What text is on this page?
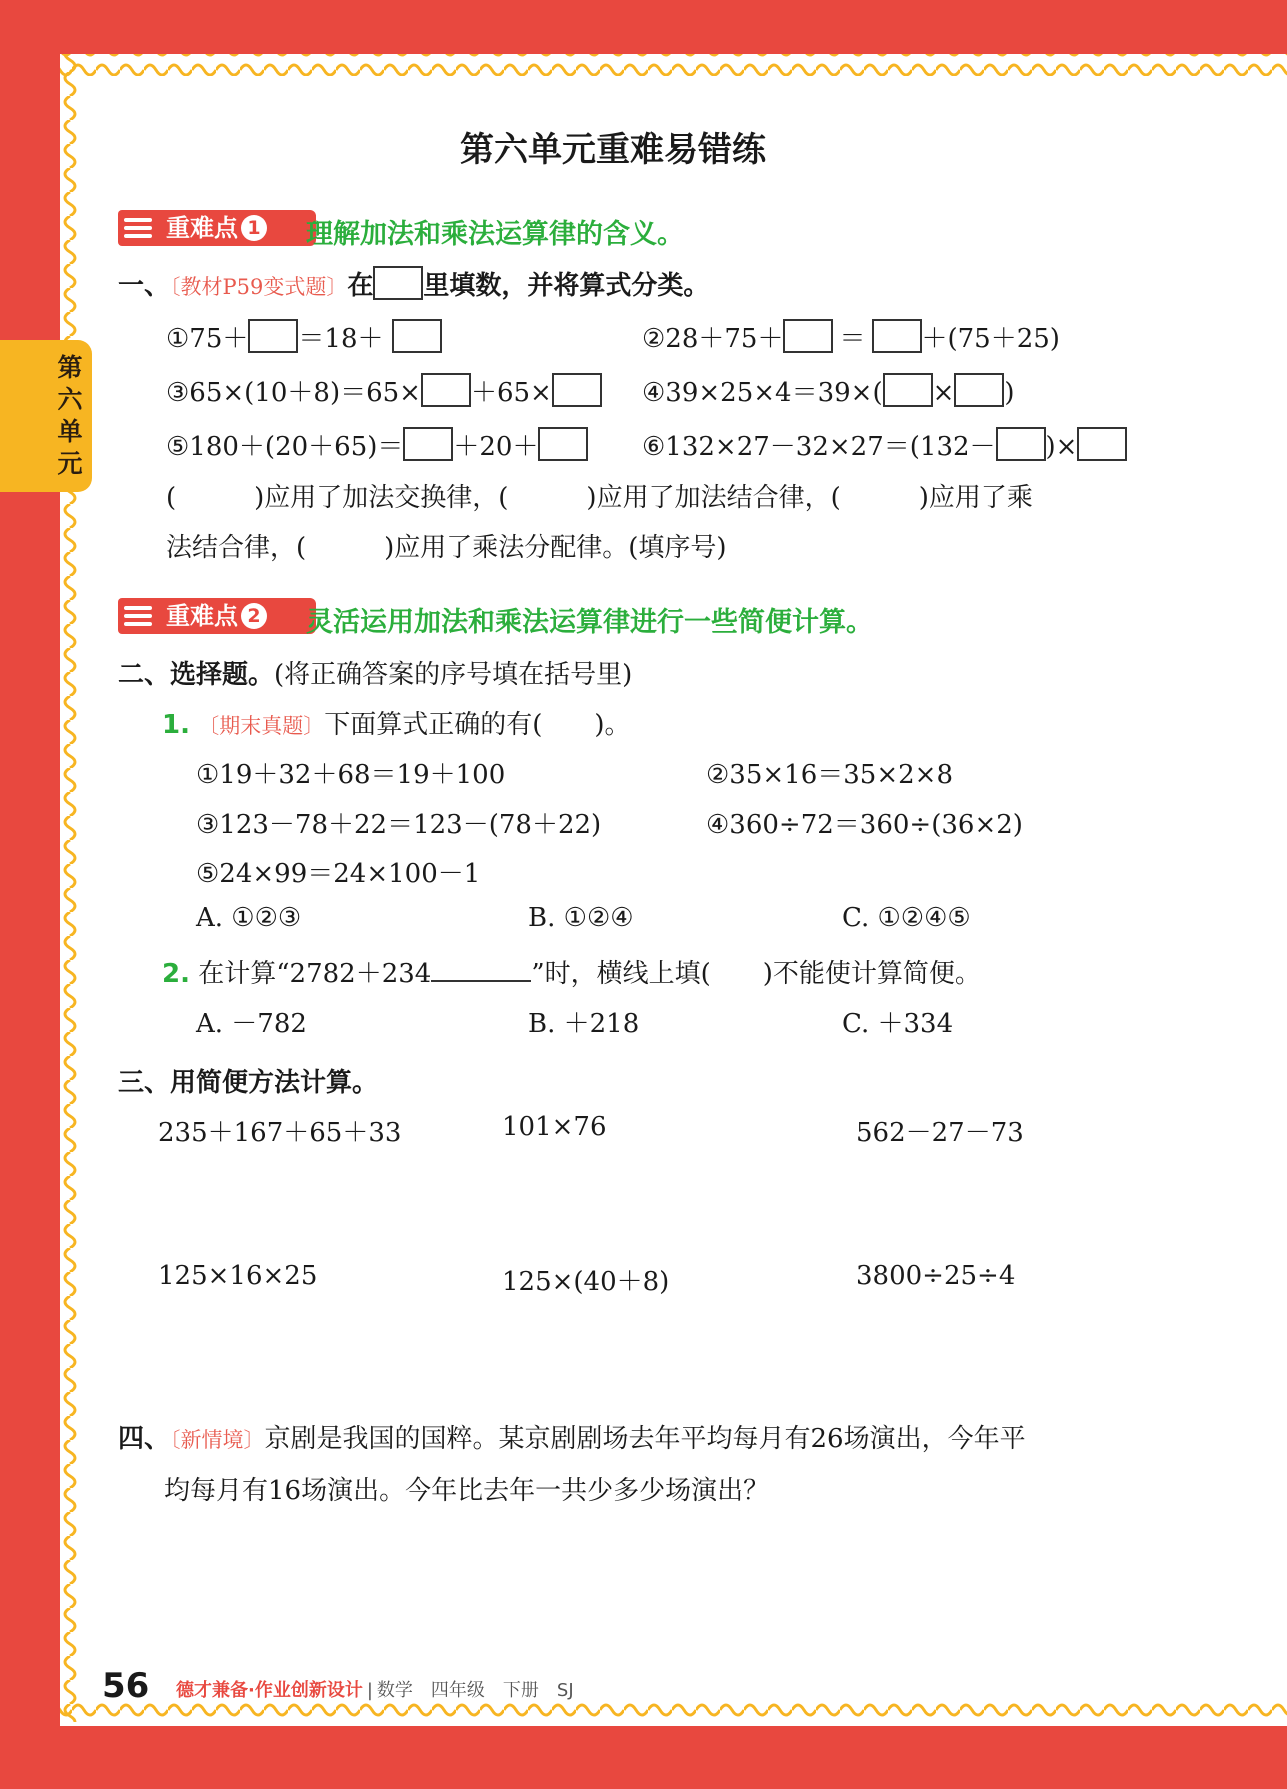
第六单元
第六单元重难易错练
重难点 1	理解加法和乘法运算律的含义。
一、〔教材P59变式题〕在 里填数，并将算式分类。
①75＋ ＝18＋	②28＋75＋ ＝ ＋(75＋25)
③65×(10＋8)＝65× ＋65×	④39×25×4＝39×( × )
⑤180＋(20＋65)＝ ＋20＋	⑥132×27－32×27＝(132－ )×
(　　　)应用了加法交换律，(　　　)应用了加法结合律，(　　　)应用了乘
法结合律，(　　　)应用了乘法分配律。(填序号)
重难点 2	灵活运用加法和乘法运算律进行一些简便计算。
二、选择题。(将正确答案的序号填在括号里)
1. 〔期末真题〕下面算式正确的有(　　)。
①19＋32＋68＝19＋100	②35×16＝35×2×8
③123－78＋22＝123－(78＋22)	④360÷72＝360÷(36×2)
⑤24×99＝24×100－1
A. ①②③	B. ①②④	C. ①②④⑤
2. 在计算“2782＋234	”时，横线上填(　　)不能使计算简便。
A. －782	B. ＋218	C. ＋334
三、用简便方法计算。
235＋167＋65＋33	101×76	562－27－73
125×16×25	125×(40＋8)	3800÷25÷4
四、〔新情境〕京剧是我国的国粹。某京剧剧场去年平均每月有26场演出，今年平
均每月有16场演出。今年比去年一共少多少场演出？
56 德才兼备·作业创新设计 | 数学　四年级　下册　SJ
